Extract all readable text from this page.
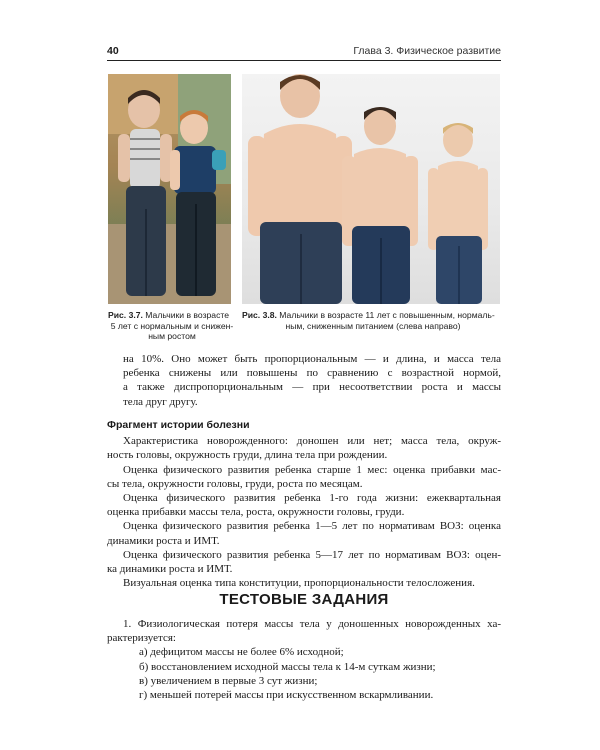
40	Глава 3. Физическое развитие
Рис. 3.7. Мальчики в возрасте
5 лет с нормальным и снижен-
ным ростом
Рис. 3.8. Мальчики в возрасте 11 лет с повышенным, нормаль-
ным, сниженным питанием (слева направо)
на 10%. Оно может быть пропорциональным — и длина, и масса тела
ребенка снижены или повышены по сравнению с возрастной нормой,
а также диспропорциональным — при несоответствии роста и массы
тела друг другу.
Фрагмент истории болезни
Характеристика новорожденного: доношен или нет; масса тела, окруж-
ность головы, окружность груди, длина тела при рождении.
Оценка физического развития ребенка старше 1 мес: оценка прибавки мас-
сы тела, окружности головы, груди, роста по месяцам.
Оценка физического развития ребенка 1-го года жизни: ежеквартальная
оценка прибавки массы тела, роста, окружности головы, груди.
Оценка физического развития ребенка 1—5 лет по нормативам ВОЗ: оценка
динамики роста и ИМТ.
Оценка физического развития ребенка 5—17 лет по нормативам ВОЗ: оцен-
ка динамики роста и ИМТ.
Визуальная оценка типа конституции, пропорциональности телосложения.
ТЕСТОВЫЕ ЗАДАНИЯ
1. Физиологическая потеря массы тела у доношенных новорожденных ха-
рактеризуется:
а) дефицитом массы не более 6% исходной;
б) восстановлением исходной массы тела к 14-м суткам жизни;
в) увеличением в первые 3 сут жизни;
г) меньшей потерей массы при искусственном вскармливании.
